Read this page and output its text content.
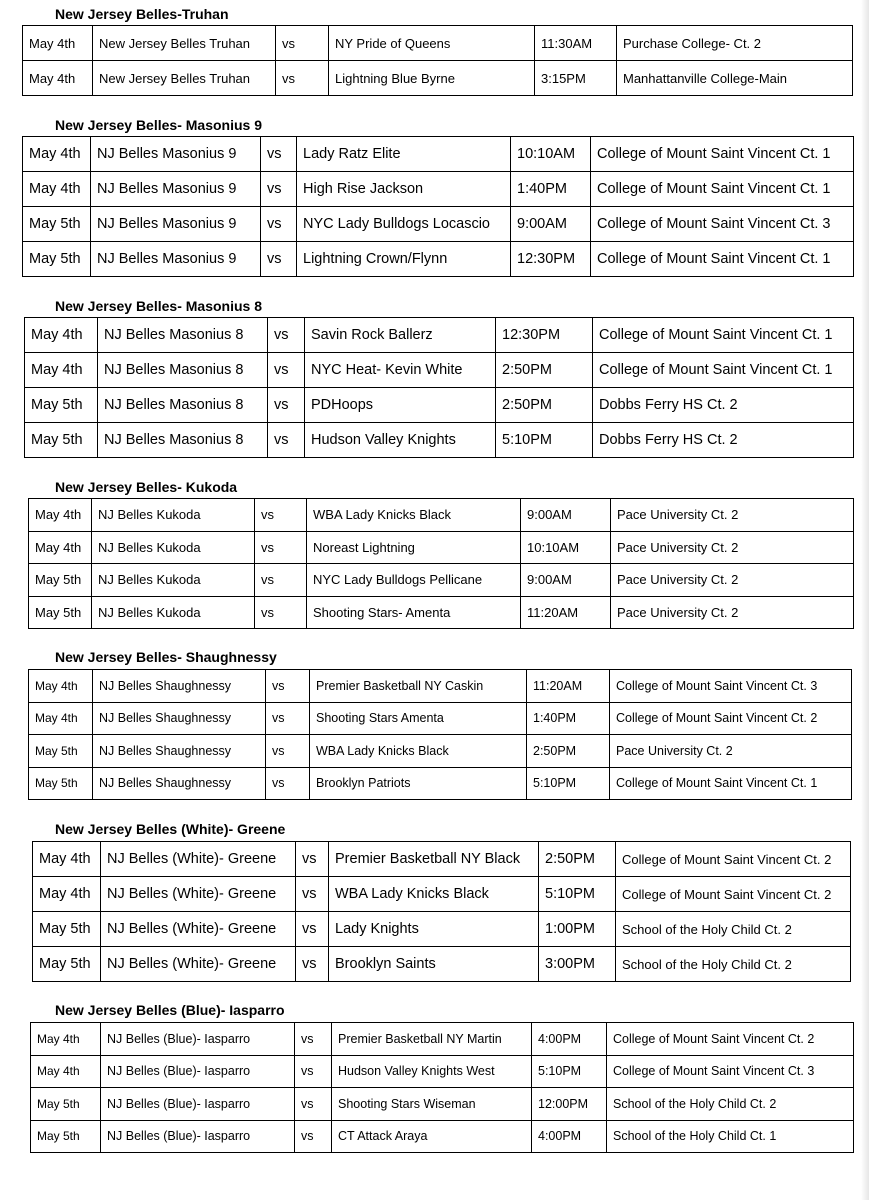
New Jersey Belles-Truhan
May 4th	New Jersey Belles Truhan	vs	NY Pride of Queens	11:30AM	Purchase College- Ct. 2
May 4th	New Jersey Belles Truhan	vs	Lightning Blue Byrne	3:15PM	Manhattanville College-Main
New Jersey Belles- Masonius 9
May 4th	NJ Belles Masonius 9	vs	Lady Ratz Elite	10:10AM	College of Mount Saint Vincent Ct. 1
May 4th	NJ Belles Masonius 9	vs	High Rise Jackson	1:40PM	College of Mount Saint Vincent Ct. 1
May 5th	NJ Belles Masonius 9	vs	NYC Lady Bulldogs Locascio	9:00AM	College of Mount Saint Vincent Ct. 3
May 5th	NJ Belles Masonius 9	vs	Lightning Crown/Flynn	12:30PM	College of Mount Saint Vincent Ct. 1
New Jersey Belles- Masonius 8
May 4th	NJ Belles Masonius 8	vs	Savin Rock Ballerz	12:30PM	College of Mount Saint Vincent Ct. 1
May 4th	NJ Belles Masonius 8	vs	NYC Heat- Kevin White	2:50PM	College of Mount Saint Vincent Ct. 1
May 5th	NJ Belles Masonius 8	vs	PDHoops	2:50PM	Dobbs Ferry HS Ct. 2
May 5th	NJ Belles Masonius 8	vs	Hudson Valley Knights	5:10PM	Dobbs Ferry HS Ct. 2
New Jersey Belles- Kukoda
May 4th	NJ Belles Kukoda	vs	WBA Lady Knicks Black	9:00AM	Pace University Ct. 2
May 4th	NJ Belles Kukoda	vs	Noreast Lightning	10:10AM	Pace University Ct. 2
May 5th	NJ Belles Kukoda	vs	NYC Lady Bulldogs Pellicane	9:00AM	Pace University Ct. 2
May 5th	NJ Belles Kukoda	vs	Shooting Stars- Amenta	11:20AM	Pace University Ct. 2
New Jersey Belles- Shaughnessy
May 4th	NJ Belles Shaughnessy	vs	Premier Basketball NY Caskin	11:20AM	College of Mount Saint Vincent Ct. 3
May 4th	NJ Belles Shaughnessy	vs	Shooting Stars Amenta	1:40PM	College of Mount Saint Vincent Ct. 2
May 5th	NJ Belles Shaughnessy	vs	WBA Lady Knicks Black	2:50PM	Pace University Ct. 2
May 5th	NJ Belles Shaughnessy	vs	Brooklyn Patriots	5:10PM	College of Mount Saint Vincent Ct. 1
New Jersey Belles (White)- Greene
May 4th	NJ Belles (White)- Greene	vs	Premier Basketball NY Black	2:50PM	College of Mount Saint Vincent Ct. 2
May 4th	NJ Belles (White)- Greene	vs	WBA Lady Knicks Black	5:10PM	College of Mount Saint Vincent Ct. 2
May 5th	NJ Belles (White)- Greene	vs	Lady Knights	1:00PM	School of the Holy Child Ct. 2
May 5th	NJ Belles (White)- Greene	vs	Brooklyn Saints	3:00PM	School of the Holy Child Ct. 2
New Jersey Belles (Blue)- Iasparro
May 4th	NJ Belles (Blue)- Iasparro	vs	Premier Basketball NY Martin	4:00PM	College of Mount Saint Vincent Ct. 2
May 4th	NJ Belles (Blue)- Iasparro	vs	Hudson Valley Knights West	5:10PM	College of Mount Saint Vincent Ct. 3
May 5th	NJ Belles (Blue)- Iasparro	vs	Shooting Stars Wiseman	12:00PM	School of the Holy Child Ct. 2
May 5th	NJ Belles (Blue)- Iasparro	vs	CT Attack Araya	4:00PM	School of the Holy Child Ct. 1
